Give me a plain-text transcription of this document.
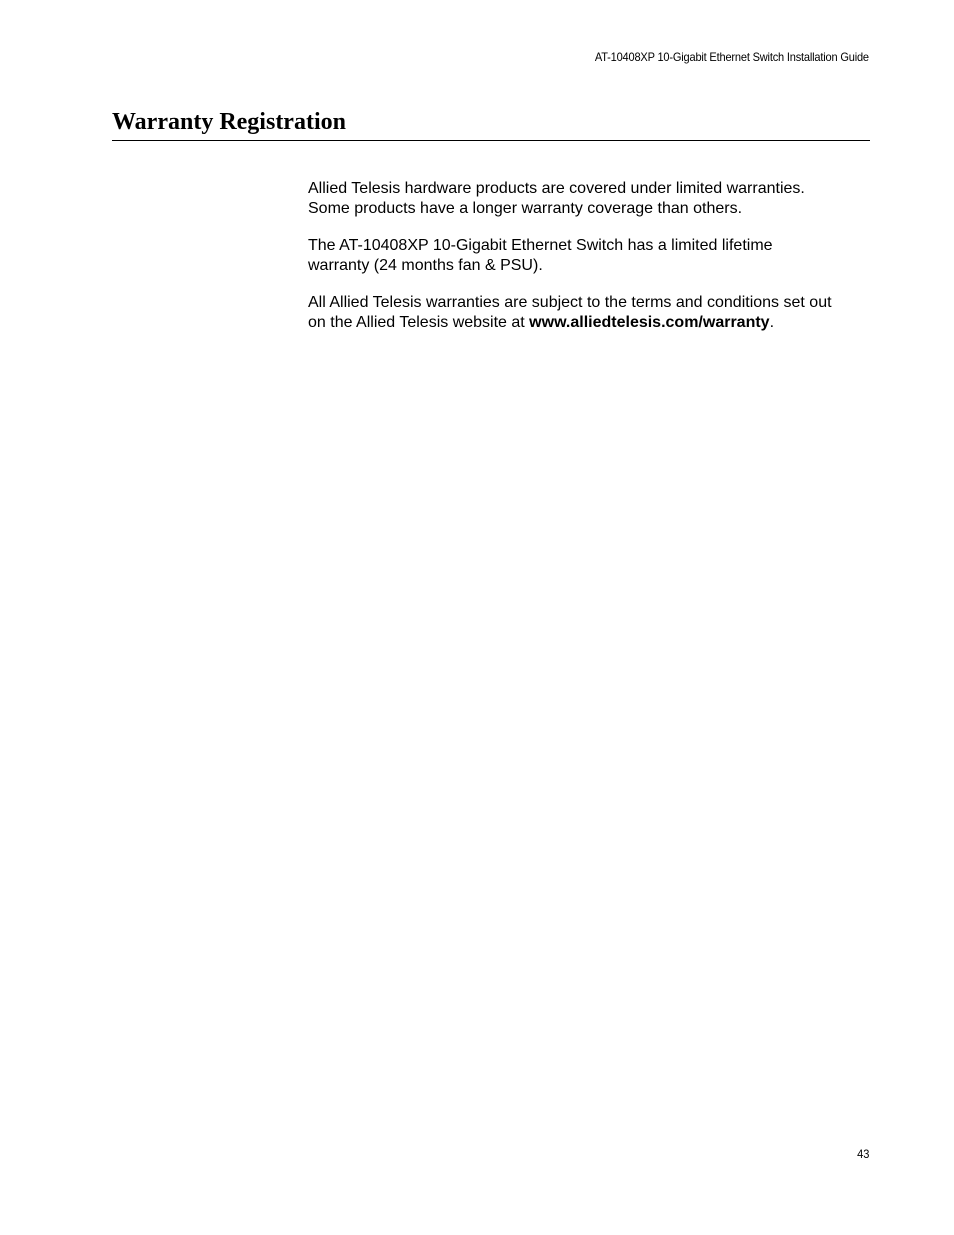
AT-10408XP 10-Gigabit Ethernet Switch Installation Guide
Warranty Registration

Allied Telesis hardware products are covered under limited warranties.
Some products have a longer warranty coverage than others.

The AT-10408XP 10-Gigabit Ethernet Switch has a limited lifetime
warranty (24 months fan & PSU).

All Allied Telesis warranties are subject to the terms and conditions set out
on the Allied Telesis website at www.alliedtelesis.com/warranty.

43
